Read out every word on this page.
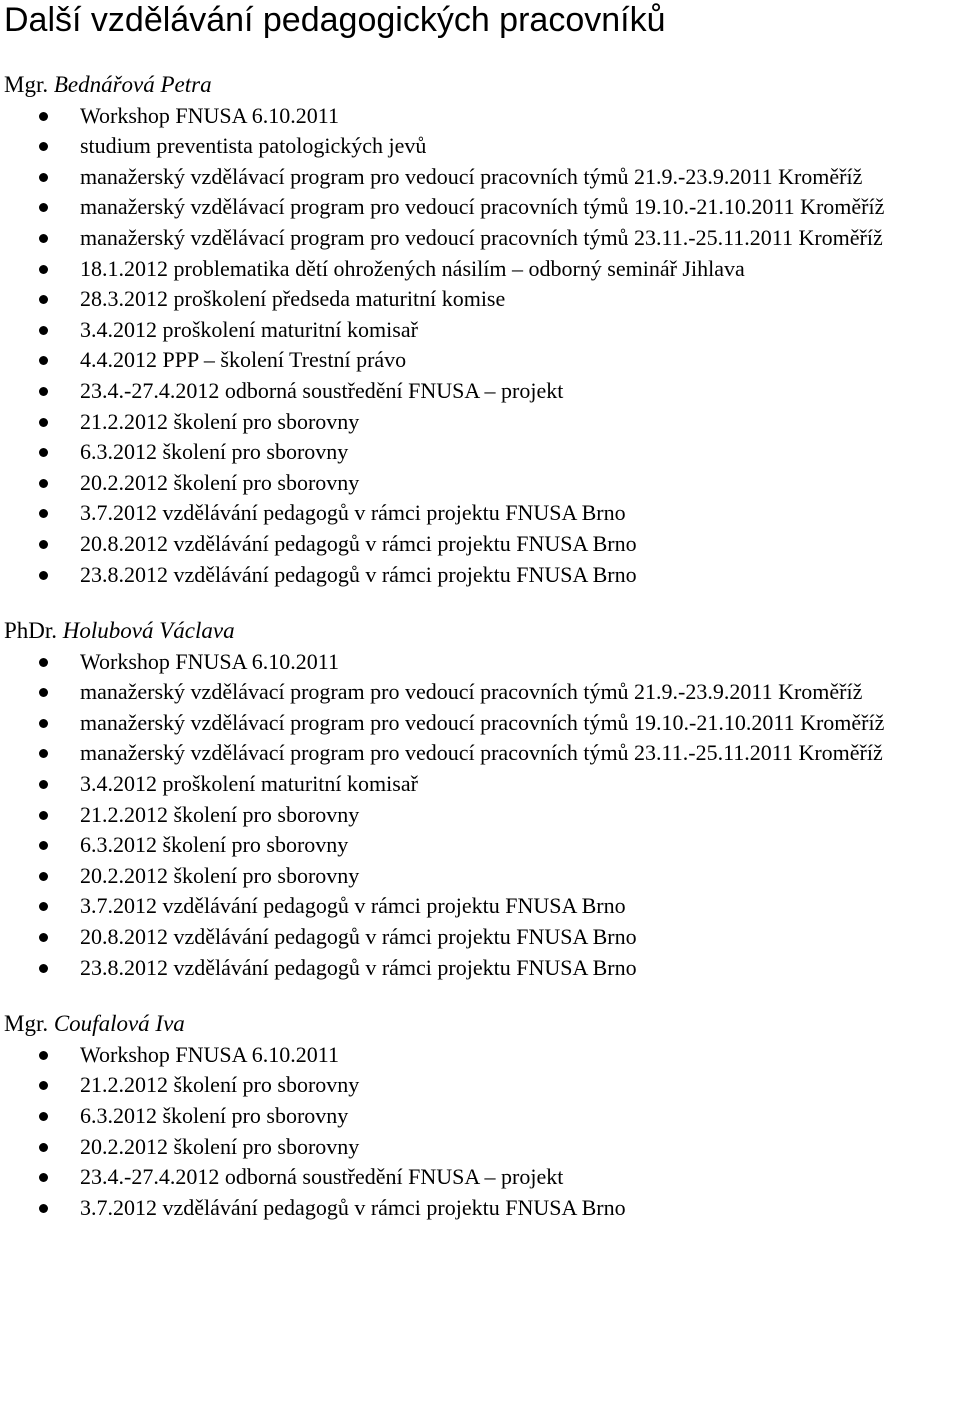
Další vzdělávání pedagogických pracovníků
Mgr. Bednářová Petra
Workshop FNUSA 6.10.2011
studium preventista patologických jevů
manažerský vzdělávací program pro vedoucí pracovních týmů 21.9.-23.9.2011 Kroměříž
manažerský vzdělávací program pro vedoucí pracovních týmů 19.10.-21.10.2011 Kroměříž
manažerský vzdělávací program pro vedoucí pracovních týmů 23.11.-25.11.2011 Kroměříž
18.1.2012 problematika dětí ohrožených násilím – odborný seminář Jihlava
28.3.2012 proškolení předseda maturitní komise
3.4.2012 proškolení maturitní komisař
4.4.2012 PPP – školení Trestní právo
23.4.-27.4.2012 odborná soustředění FNUSA – projekt
21.2.2012 školení pro sborovny
6.3.2012 školení pro sborovny
20.2.2012 školení pro sborovny
3.7.2012 vzdělávání pedagogů v rámci projektu FNUSA Brno
20.8.2012 vzdělávání pedagogů v rámci projektu FNUSA Brno
23.8.2012 vzdělávání pedagogů v rámci projektu FNUSA Brno
PhDr. Holubová Václava
Workshop FNUSA 6.10.2011
manažerský vzdělávací program pro vedoucí pracovních týmů 21.9.-23.9.2011 Kroměříž
manažerský vzdělávací program pro vedoucí pracovních týmů 19.10.-21.10.2011 Kroměříž
manažerský vzdělávací program pro vedoucí pracovních týmů 23.11.-25.11.2011 Kroměříž
3.4.2012 proškolení maturitní komisař
21.2.2012 školení pro sborovny
6.3.2012 školení pro sborovny
20.2.2012 školení pro sborovny
3.7.2012 vzdělávání pedagogů v rámci projektu FNUSA Brno
20.8.2012 vzdělávání pedagogů v rámci projektu FNUSA Brno
23.8.2012 vzdělávání pedagogů v rámci projektu FNUSA Brno
Mgr. Coufalová Iva
Workshop FNUSA 6.10.2011
21.2.2012 školení pro sborovny
6.3.2012 školení pro sborovny
20.2.2012 školení pro sborovny
23.4.-27.4.2012 odborná soustředění FNUSA – projekt
3.7.2012 vzdělávání pedagogů v rámci projektu FNUSA Brno
